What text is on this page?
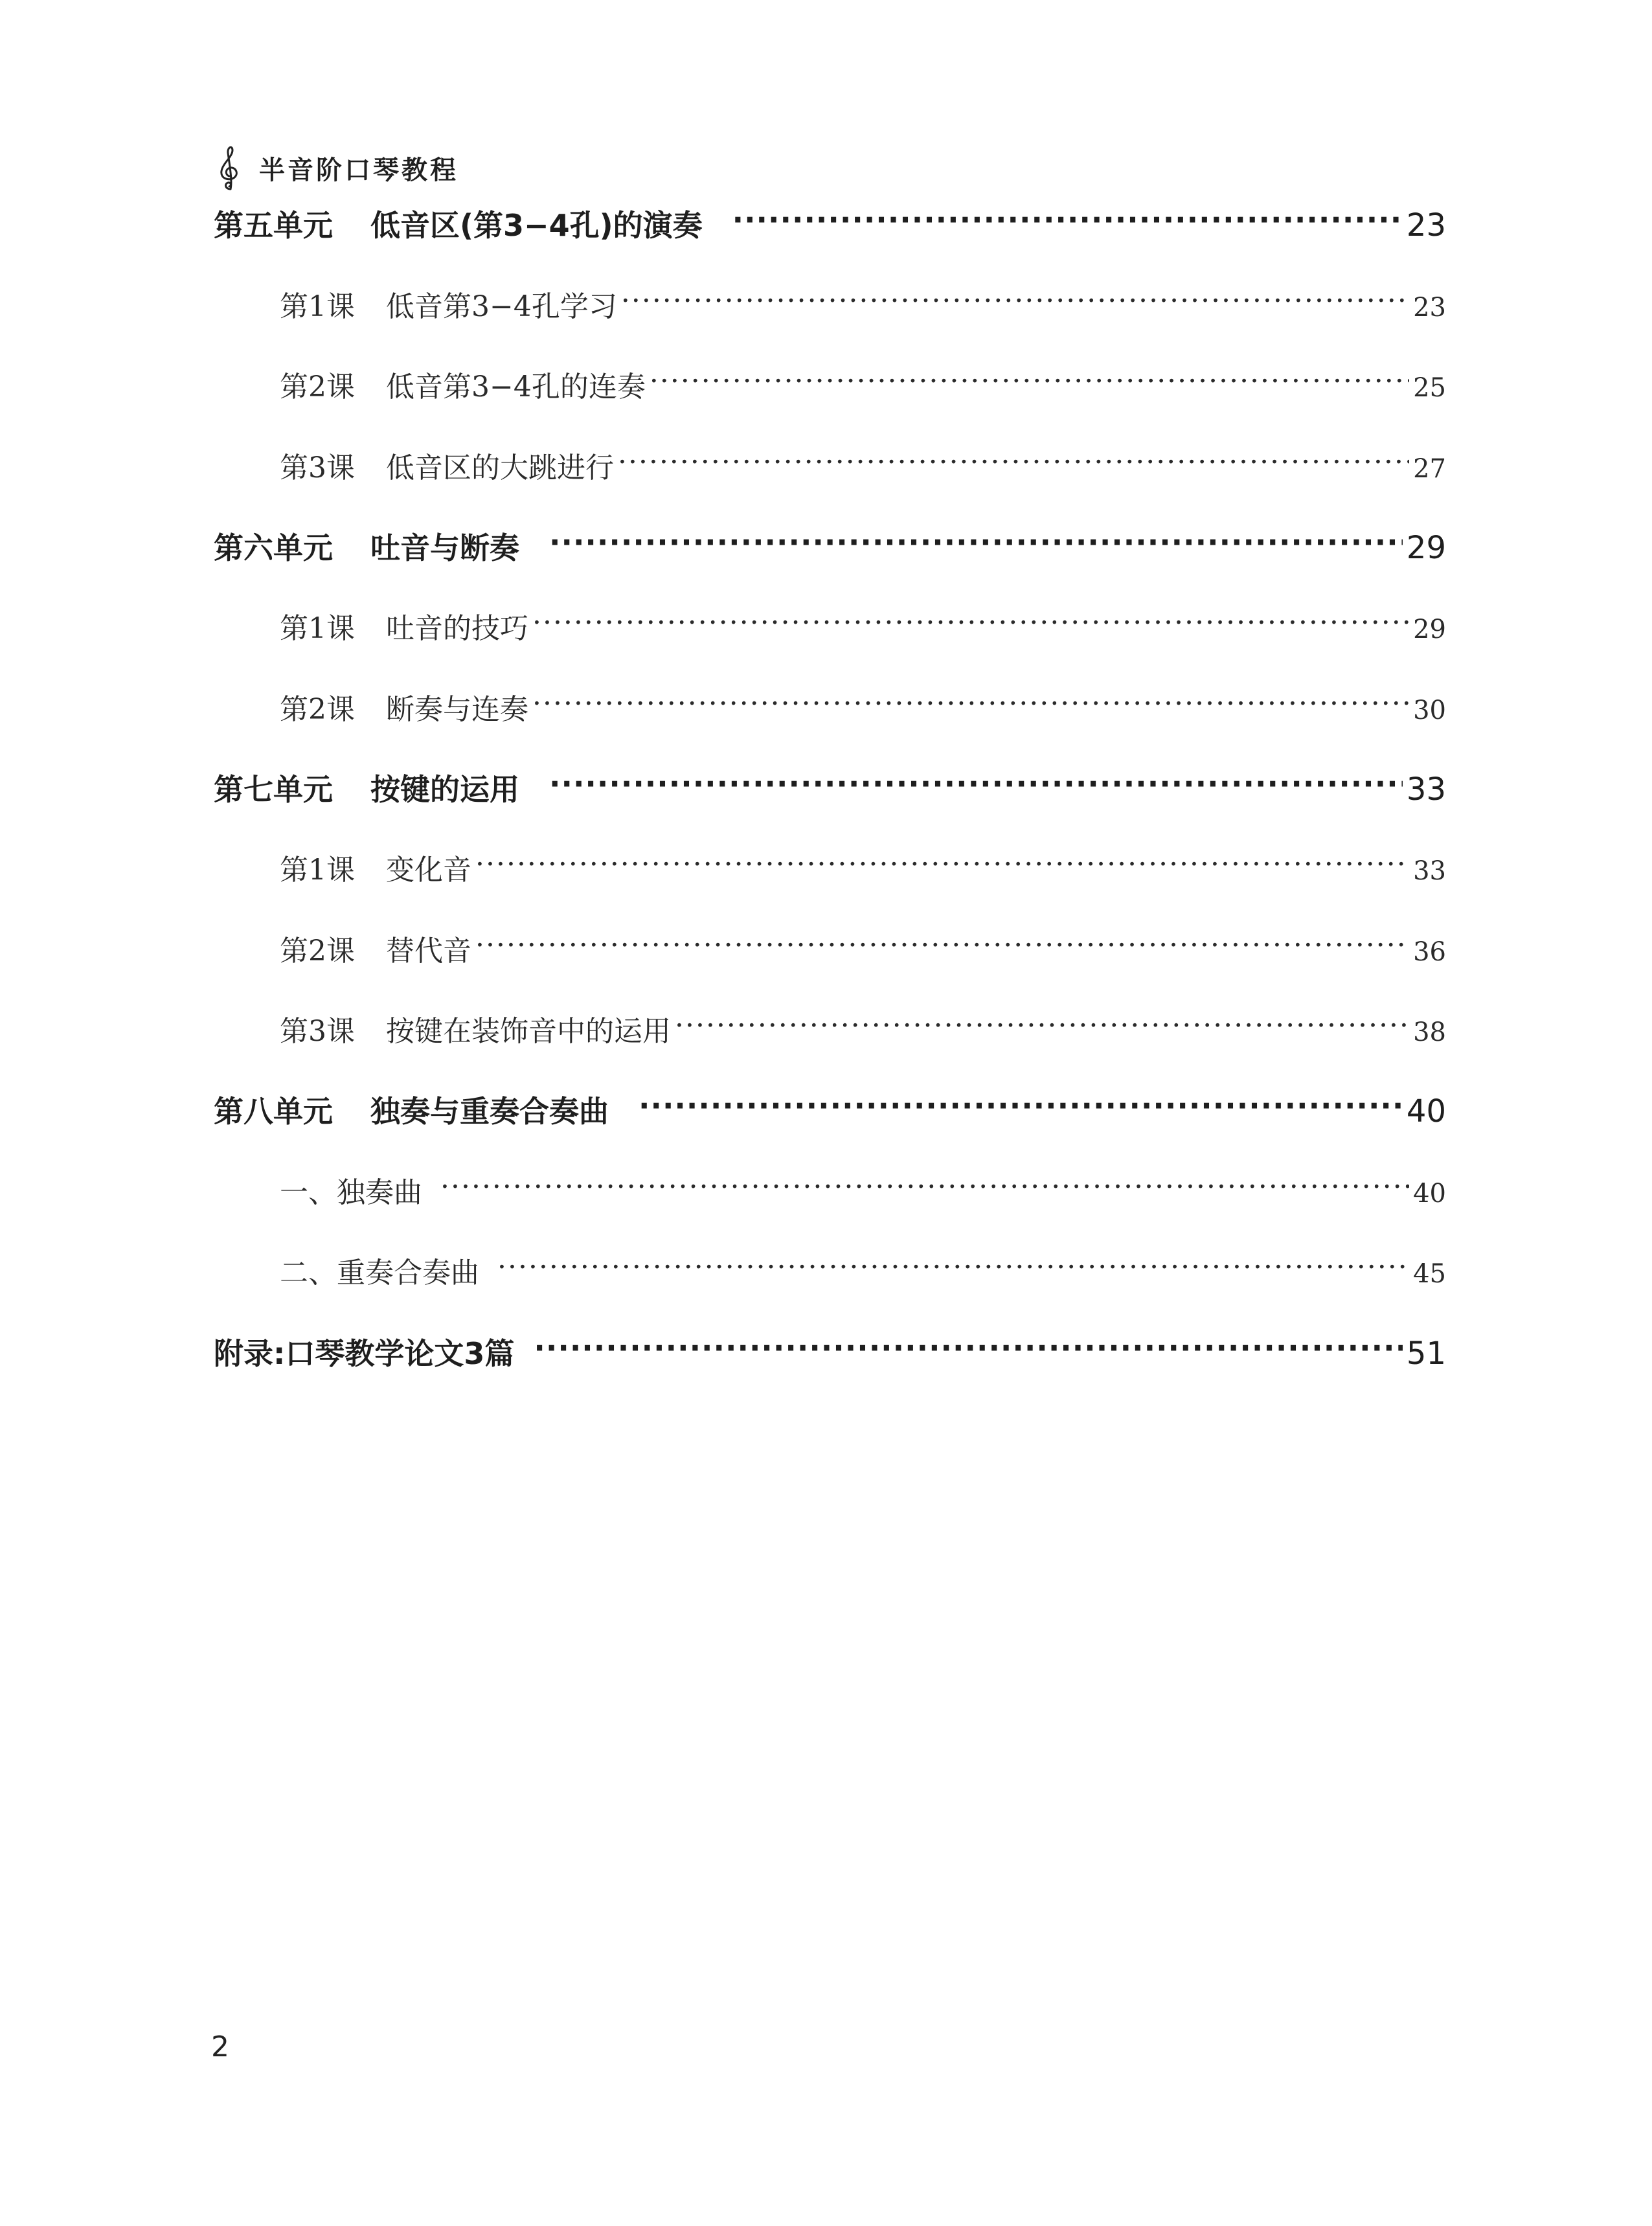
半音阶口琴教程
第五单元 低音区(第3−4孔)的演奏 ·····	23
第1课 低音第3−4孔学习 ·····	23
第2课 低音第3−4孔的连奏 ·····	25
第3课 低音区的大跳进行 ·····	27
第六单元 吐音与断奏 ·····	29
第1课 吐音的技巧 ·····	29
第2课 断奏与连奏 ·····	30
第七单元 按键的运用 ·····	33
第1课 变化音 ·····	33
第2课 替代音 ·····	36
第3课 按键在装饰音中的运用 ·····	38
第八单元 独奏与重奏合奏曲 ·····	40
一、独奏曲 ·····	40
二、重奏合奏曲 ·····	45
附录:口琴教学论文3篇 ·····	51
2
